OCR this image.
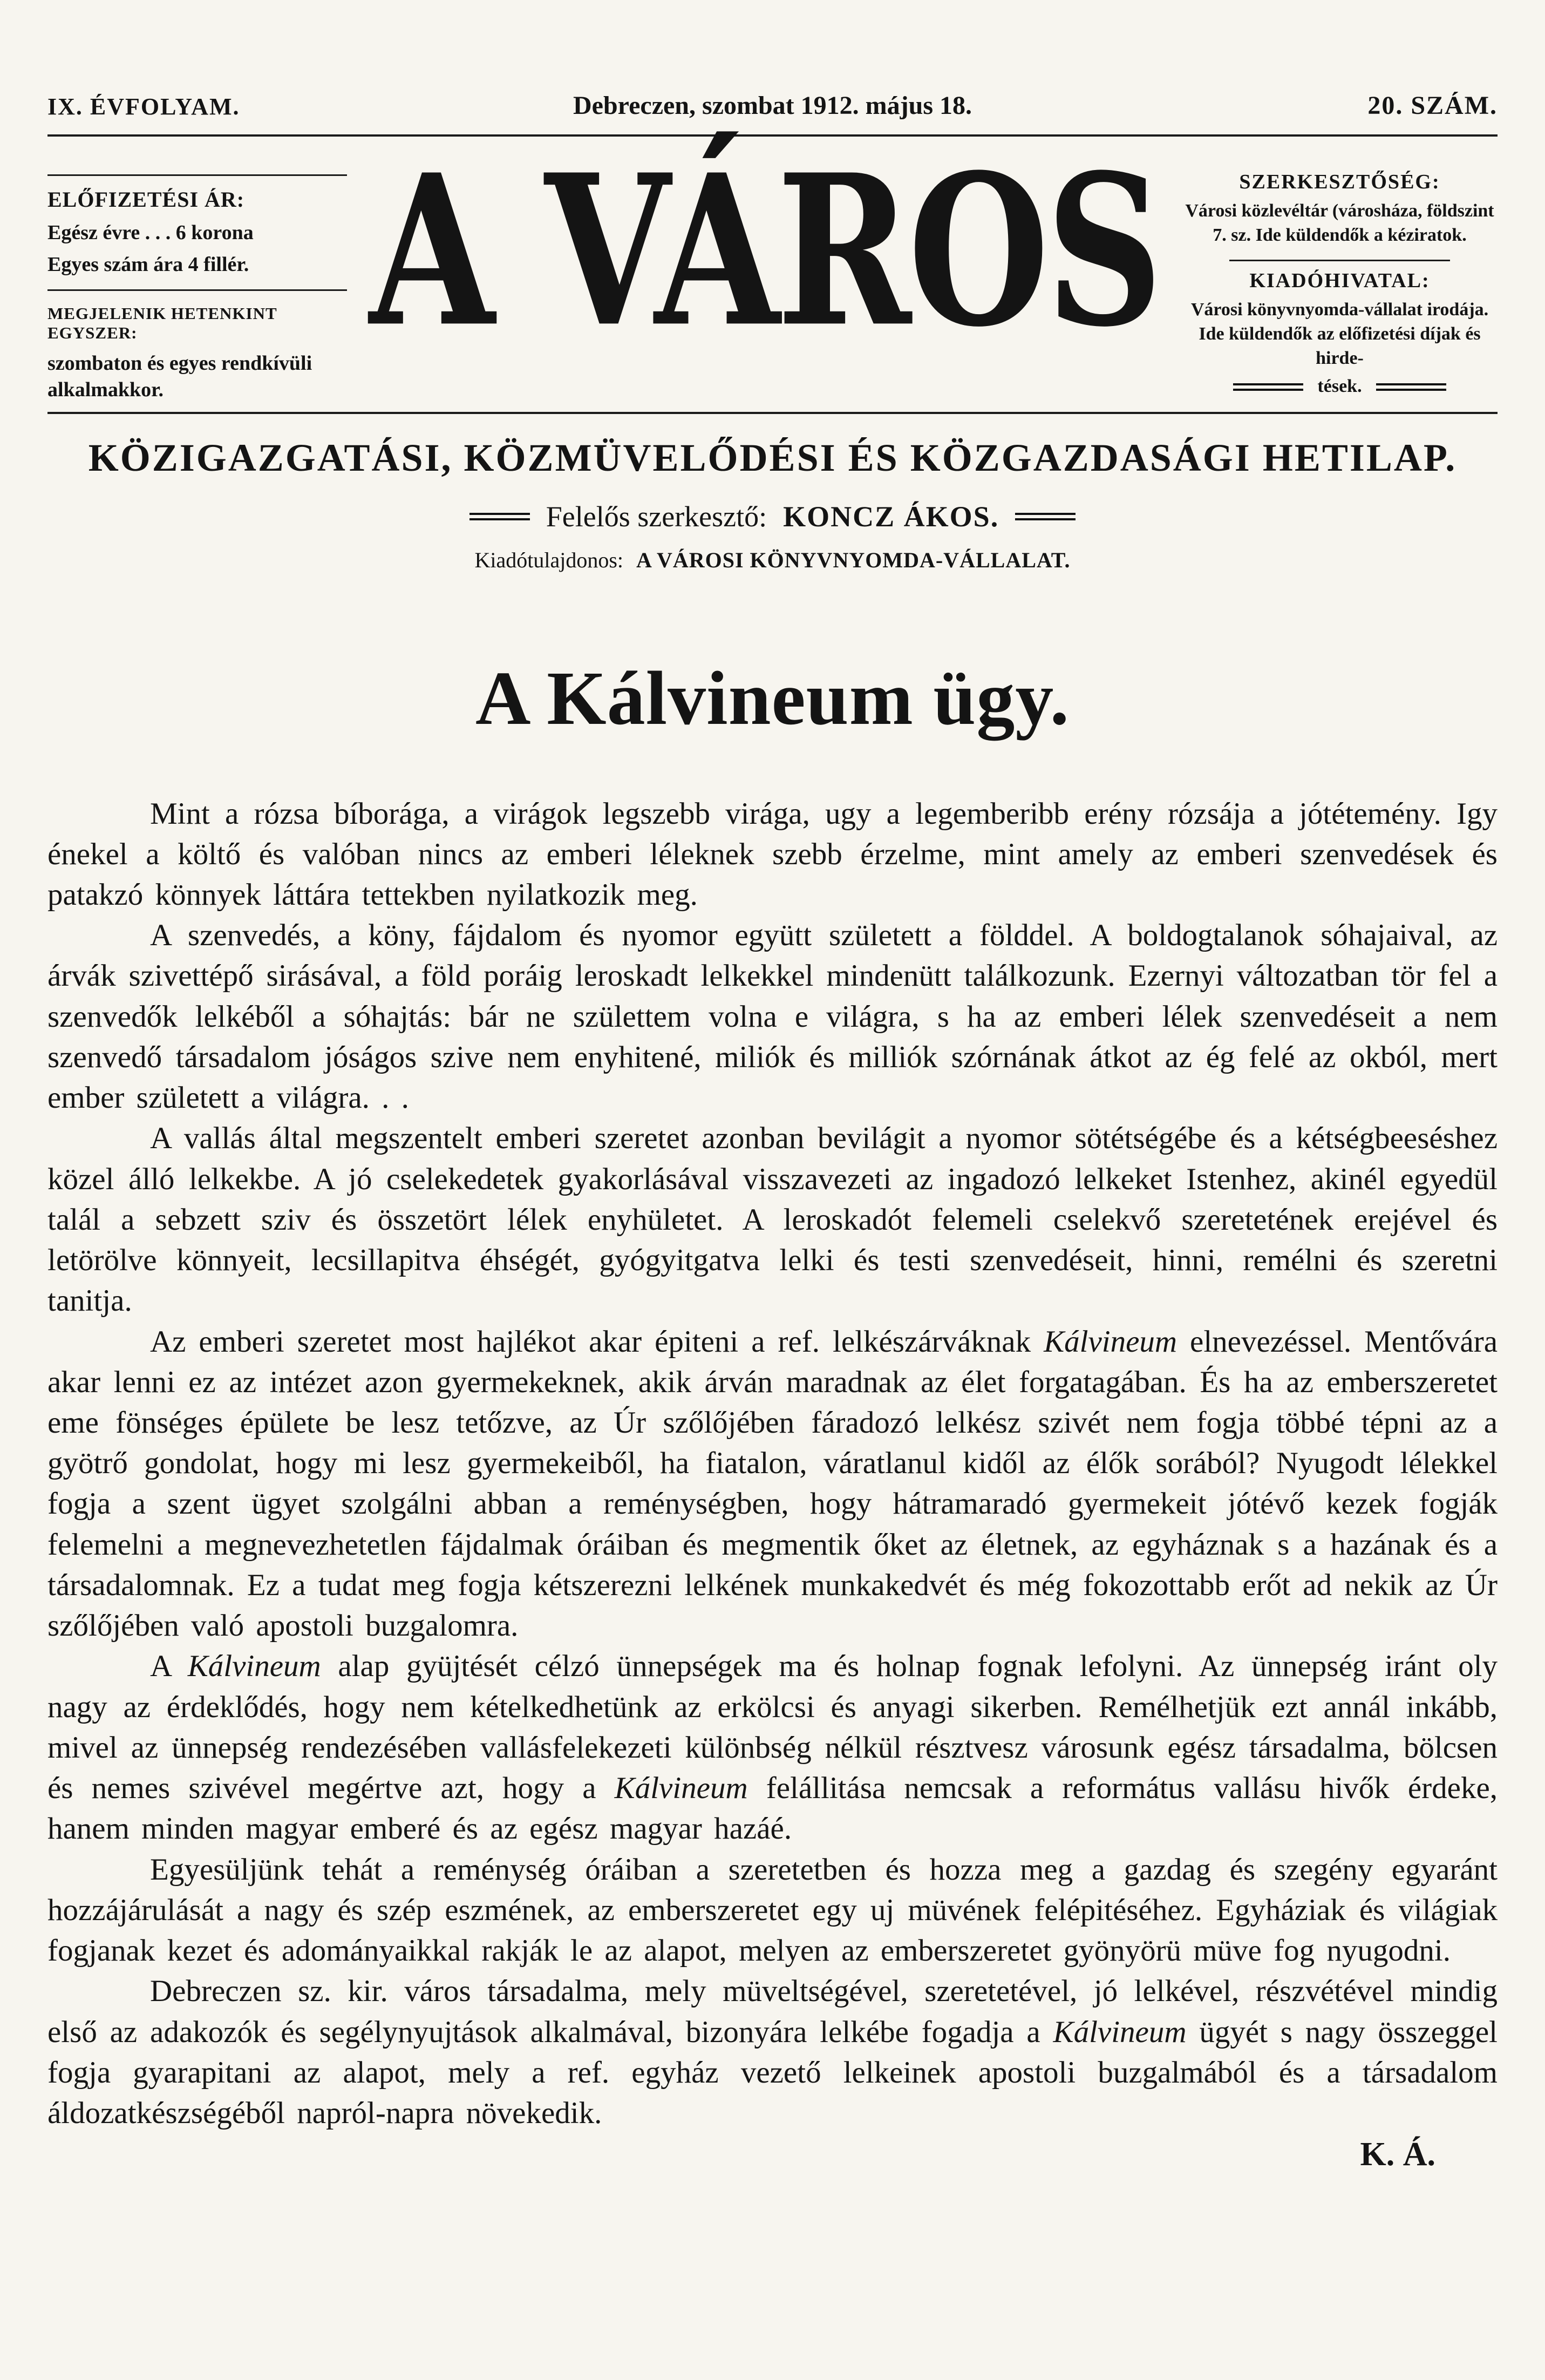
IX. ÉVFOLYAM.	Debreczen, szombat 1912. május 18.	20. SZÁM.
ELŐFIZETÉSI ÁR:
Egész évre . . . 6 korona
Egyes szám ára 4 fillér.
MEGJELENIK HETENKINT EGYSZER:
szombaton és egyes rendkívüli alkalmakkor.
A VÁROS	SZERKESZTŐSÉG:
Városi közlevéltár (városháza, földszint 7. sz. Ide küldendők a kéziratok.
KIADÓHIVATAL:
Városi könyvnyomda-vállalat irodája. Ide küldendők az előfizetési díjak és hirde-
tések.
KÖZIGAZGATÁSI, KÖZMÜVELŐDÉSI ÉS KÖZGAZDASÁGI HETILAP.
Felelős szerkesztő: KONCZ ÁKOS.
Kiadótulajdonos: A VÁROSI KÖNYVNYOMDA-VÁLLALAT.
A Kálvineum ügy.

Mint a rózsa bíborága, a virágok legszebb virága, ugy a legemberibb erény rózsája a jótétemény. Igy énekel a költő és valóban nincs az emberi léleknek szebb érzelme, mint amely az emberi szenvedések és patakzó könnyek láttára tettekben nyilatkozik meg.

A szenvedés, a köny, fájdalom és nyomor együtt született a földdel. A boldogtalanok sóhajaival, az árvák szivettépő sirásával, a föld poráig leroskadt lelkekkel mindenütt találkozunk. Ezernyi változatban tör fel a szenvedők lelkéből a sóhajtás: bár ne születtem volna e világra, s ha az emberi lélek szenvedéseit a nem szenvedő társadalom jóságos szive nem enyhitené, miliók és milliók szórnának átkot az ég felé az okból, mert ember született a világra. . .

A vallás által megszentelt emberi szeretet azonban bevilágit a nyomor sötétségébe és a kétségbeeséshez közel álló lelkekbe. A jó cselekedetek gyakorlásával visszavezeti az ingadozó lelkeket Istenhez, akinél egyedül talál a sebzett sziv és összetört lélek enyhületet. A leroskadót felemeli cselekvő szeretetének erejével és letörölve könnyeit, lecsillapitva éhségét, gyógyitgatva lelki és testi szenvedéseit, hinni, remélni és szeretni tanitja.

Az emberi szeretet most hajlékot akar épiteni a ref. lelkészárváknak Kálvineum elnevezéssel. Mentővára akar lenni ez az intézet azon gyermekeknek, akik árván maradnak az élet forgatagában. És ha az emberszeretet eme fönséges épülete be lesz tetőzve, az Úr szőlőjében fáradozó lelkész szivét nem fogja többé tépni az a gyötrő gondolat, hogy mi lesz gyermekeiből, ha fiatalon, váratlanul kidől az élők sorából? Nyugodt lélekkel fogja a szent ügyet szolgálni abban a reménységben, hogy hátramaradó gyermekeit jótévő kezek fogják felemelni a megnevezhetetlen fájdalmak óráiban és megmentik őket az életnek, az egyháznak s a hazának és a társadalomnak. Ez a tudat meg fogja kétszerezni lelkének munkakedvét és még fokozottabb erőt ad nekik az Úr szőlőjében való apostoli buzgalomra.

A Kálvineum alap gyüjtését célzó ünnepségek ma és holnap fognak lefolyni. Az ünnepség iránt oly nagy az érdeklődés, hogy nem kételkedhetünk az erkölcsi és anyagi sikerben. Remélhetjük ezt annál inkább, mivel az ünnepség rendezésében vallásfelekezeti különbség nélkül résztvesz városunk egész társadalma, bölcsen és nemes szivével megértve azt, hogy a Kálvineum felállitása nemcsak a református vallásu hivők érdeke, hanem minden magyar emberé és az egész magyar hazáé.

Egyesüljünk tehát a reménység óráiban a szeretetben és hozza meg a gazdag és szegény egyaránt hozzájárulását a nagy és szép eszmének, az emberszeretet egy uj müvének felépitéséhez. Egyháziak és világiak fogjanak kezet és adományaikkal rakják le az alapot, melyen az emberszeretet gyönyörü müve fog nyugodni.

Debreczen sz. kir. város társadalma, mely müveltségével, szeretetével, jó lelkével, részvétével mindig első az adakozók és segélynyujtások alkalmával, bizonyára lelkébe fogadja a Kálvineum ügyét s nagy összeggel fogja gyarapitani az alapot, mely a ref. egyház vezető lelkeinek apostoli buzgalmából és a társadalom áldozatkészségéből napról-napra növekedik.

K. Á.
